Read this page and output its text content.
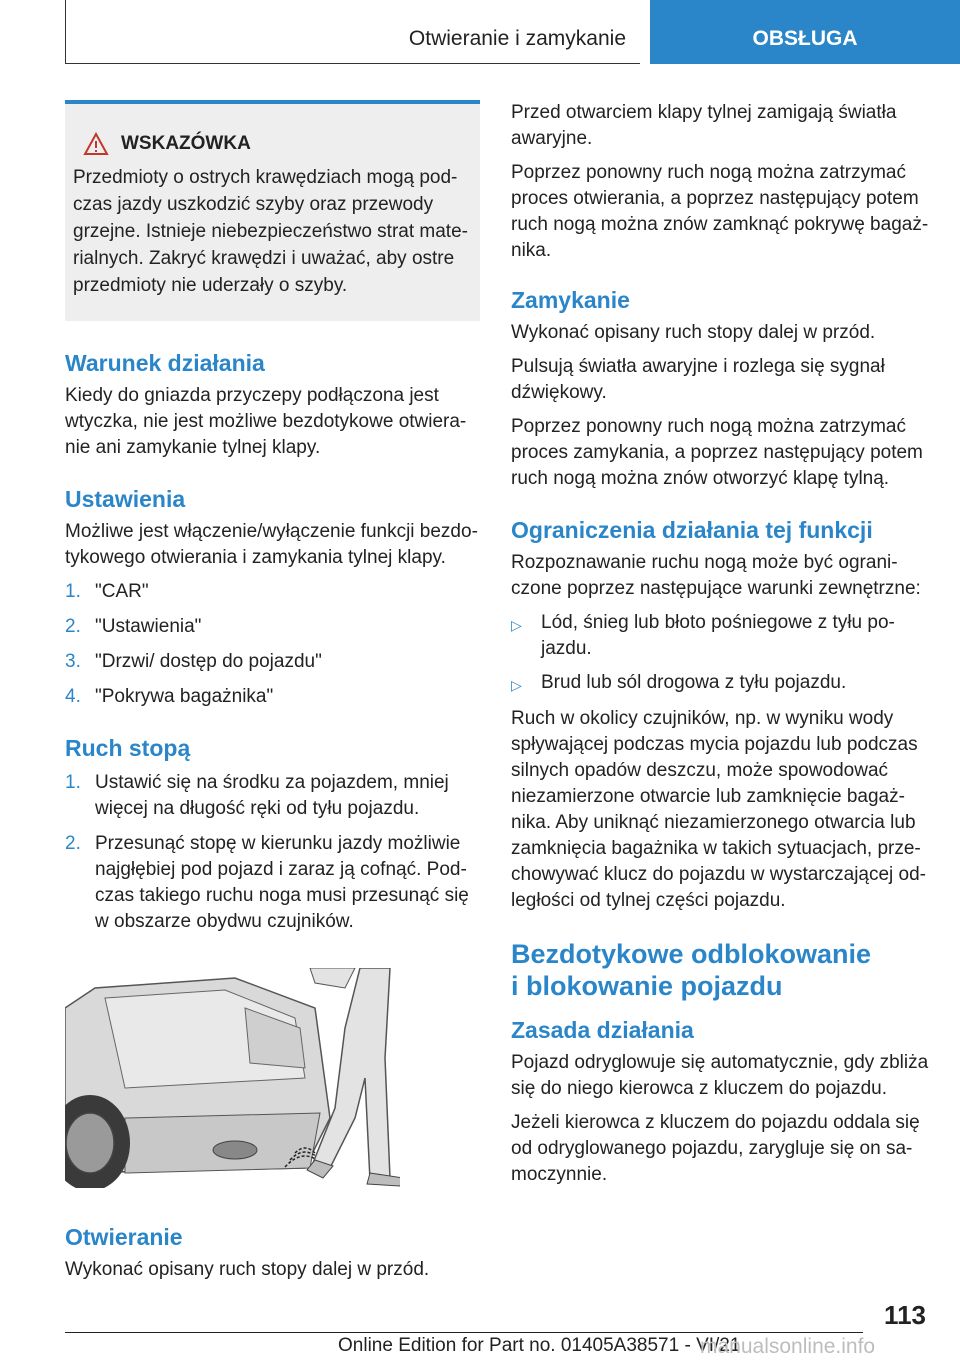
Otwieranie i zamykanie	OBSŁUGA
WSKAZÓWKA

Przedmioty o ostrych krawędziach mogą pod-czas jazdy uszkodzić szyby oraz przewody grzejne. Istnieje niebezpieczeństwo strat mate-rialnych. Zakryć krawędzi i uważać, aby ostre przedmioty nie uderzały o szyby.

Warunek działania

Kiedy do gniazda przyczepy podłączona jest wtyczka, nie jest możliwe bezdotykowe otwiera-nie ani zamykanie tylnej klapy.

Ustawienia

Możliwe jest włączenie/wyłączenie funkcji bezdo-tykowego otwierania i zamykania tylnej klapy.

1. "CAR"
2. "Ustawienia"
3. "Drzwi/ dostęp do pojazdu"
4. "Pokrywa bagażnika"
Ruch stopą
1. Ustawić się na środku za pojazdem, mniej więcej na długość ręki od tyłu pojazdu.
2. Przesunąć stopę w kierunku jazdy możliwie najgłębiej pod pojazd i zaraz ją cofnąć. Pod-czas takiego ruchu noga musi przesunąć się w obszarze obydwu czujników.
Otwieranie

Wykonać opisany ruch stopy dalej w przód.

Przed otwarciem klapy tylnej zamigają światła awaryjne.

Poprzez ponowny ruch nogą można zatrzymać proces otwierania, a poprzez następujący potem ruch nogą można znów zamknąć pokrywę bagaż-nika.

Zamykanie

Wykonać opisany ruch stopy dalej w przód.

Pulsują światła awaryjne i rozlega się sygnał dźwiękowy.

Poprzez ponowny ruch nogą można zatrzymać proces zamykania, a poprzez następujący potem ruch nogą można znów otworzyć klapę tylną.

Ograniczenia działania tej funkcji

Rozpoznawanie ruchu nogą może być ograni-czone poprzez następujące warunki zewnętrzne:

▷	Lód, śnieg lub błoto pośniegowe z tyłu po-jazdu.
▷	Brud lub sól drogowa z tyłu pojazdu.

Ruch w okolicy czujników, np. w wyniku wody spływającej podczas mycia pojazdu lub podczas silnych opadów deszczu, może spowodować niezamierzone otwarcie lub zamknięcie bagaż-nika. Aby uniknąć niezamierzonego otwarcia lub zamknięcia bagażnika w takich sytuacjach, prze-chowywać klucz do pojazdu w wystarczającej od-ległości od tylnej części pojazdu.

Bezdotykowe odblokowanie
i blokowanie pojazdu
Zasada działania

Pojazd odryglowuje się automatycznie, gdy zbliża się do niego kierowca z kluczem do pojazdu.

Jeżeli kierowca z kluczem do pojazdu oddala się od odryglowanego pojazdu, zarygluje się on sa-moczynnie.

113
Online Edition for Part no. 01405A38571 - VI/21
manualsonline.info
